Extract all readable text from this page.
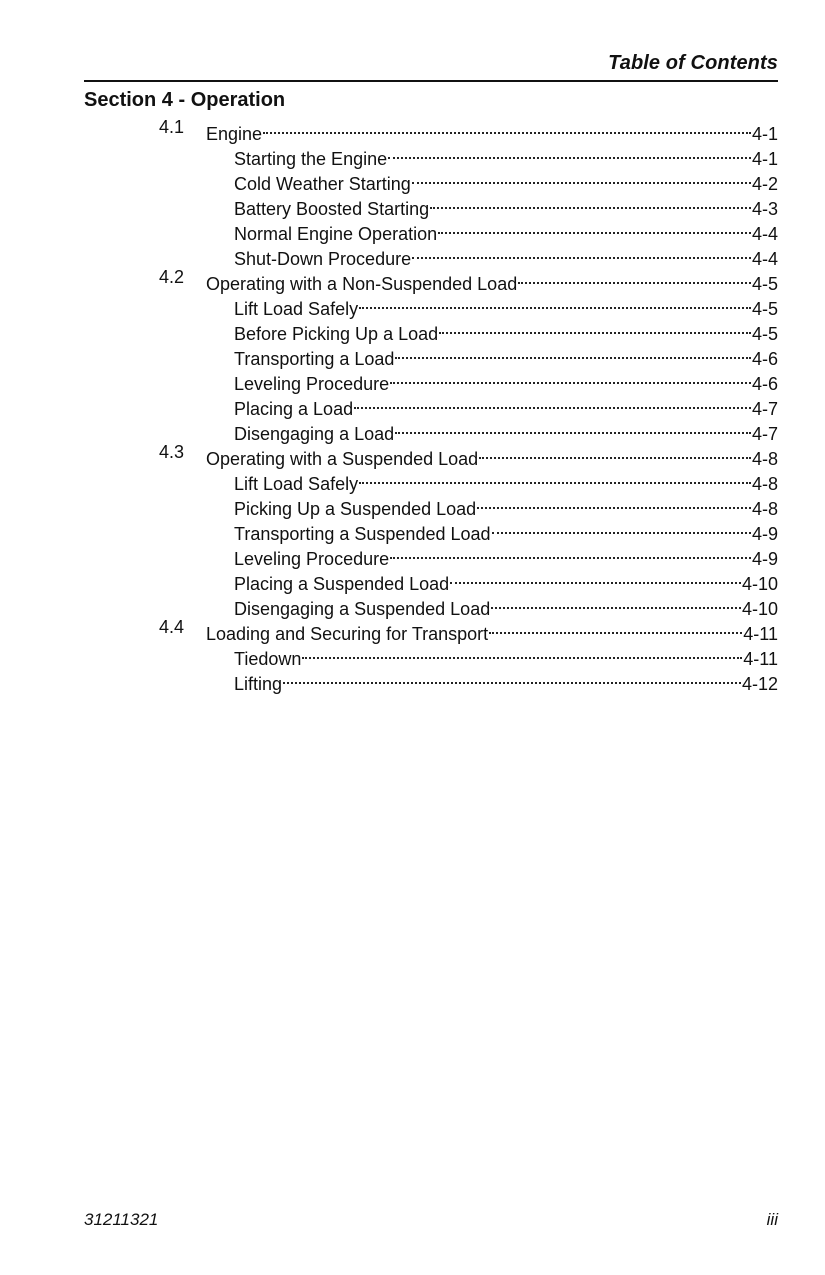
Table of Contents
Section 4 - Operation
4.1 Engine	4-1
Starting the Engine	4-1
Cold Weather Starting	4-2
Battery Boosted Starting	4-3
Normal Engine Operation	4-4
Shut-Down Procedure	4-4
4.2 Operating with a Non-Suspended Load	4-5
Lift Load Safely	4-5
Before Picking Up a Load	4-5
Transporting a Load	4-6
Leveling Procedure	4-6
Placing a Load	4-7
Disengaging a Load	4-7
4.3 Operating with a Suspended Load	4-8
Lift Load Safely	4-8
Picking Up a Suspended Load	4-8
Transporting a Suspended Load	4-9
Leveling Procedure	4-9
Placing a Suspended Load	4-10
Disengaging a Suspended Load	4-10
4.4 Loading and Securing for Transport	4-11
Tiedown	4-11
Lifting	4-12
31211321	iii
